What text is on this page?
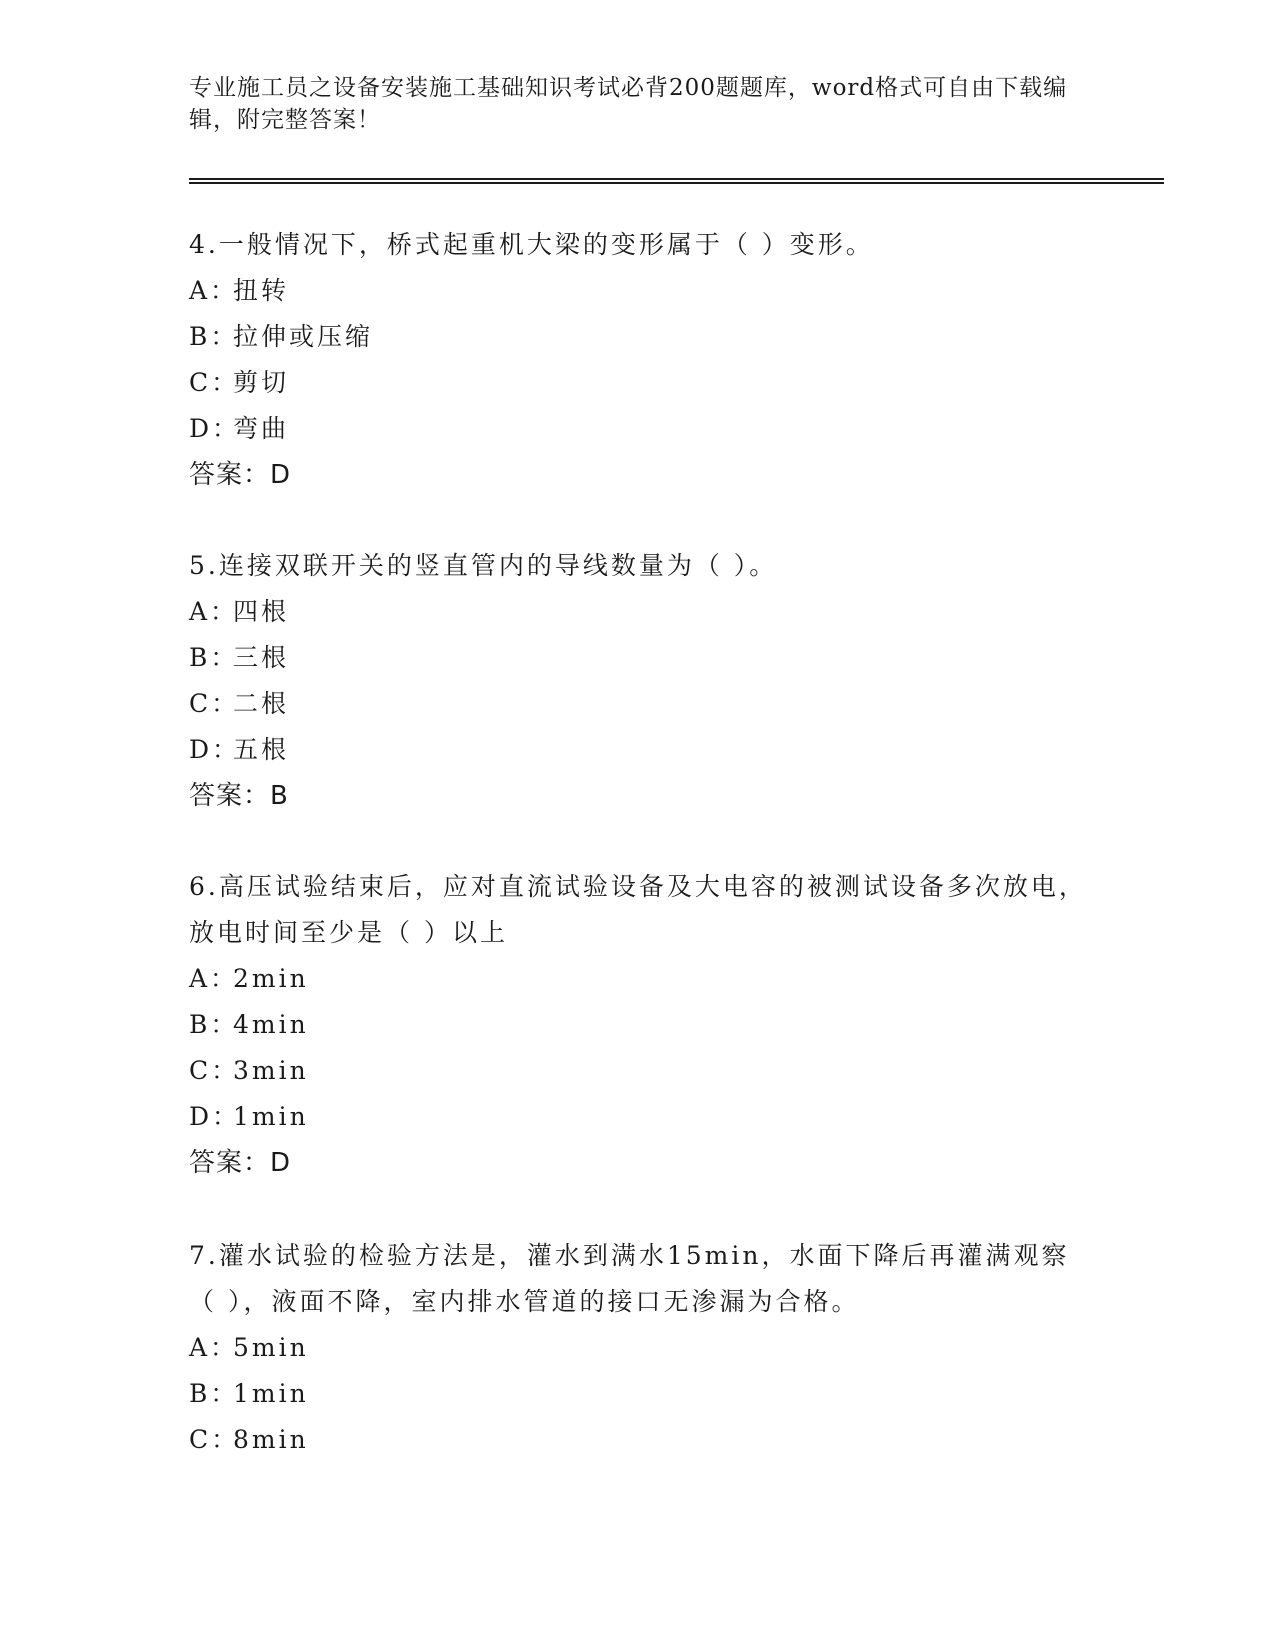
专业施工员之设备安装施工基础知识考试必背200题题库，word格式可自由下载编辑，附完整答案！

4.一般情况下，桥式起重机大梁的变形属于（ ）变形。

A：扭转

B：拉伸或压缩

C：剪切

D：弯曲

答案：D

5.连接双联开关的竖直管内的导线数量为（ ）。

A：四根

B：三根

C：二根

D：五根

答案：B

6.高压试验结束后，应对直流试验设备及大电容的被测试设备多次放电，放电时间至少是（ ）以上

A：2min

B：4min

C：3min

D：1min

答案：D

7.灌水试验的检验方法是，灌水到满水15min，水面下降后再灌满观察（ ），液面不降，室内排水管道的接口无渗漏为合格。

A：5min

B：1min

C：8min
